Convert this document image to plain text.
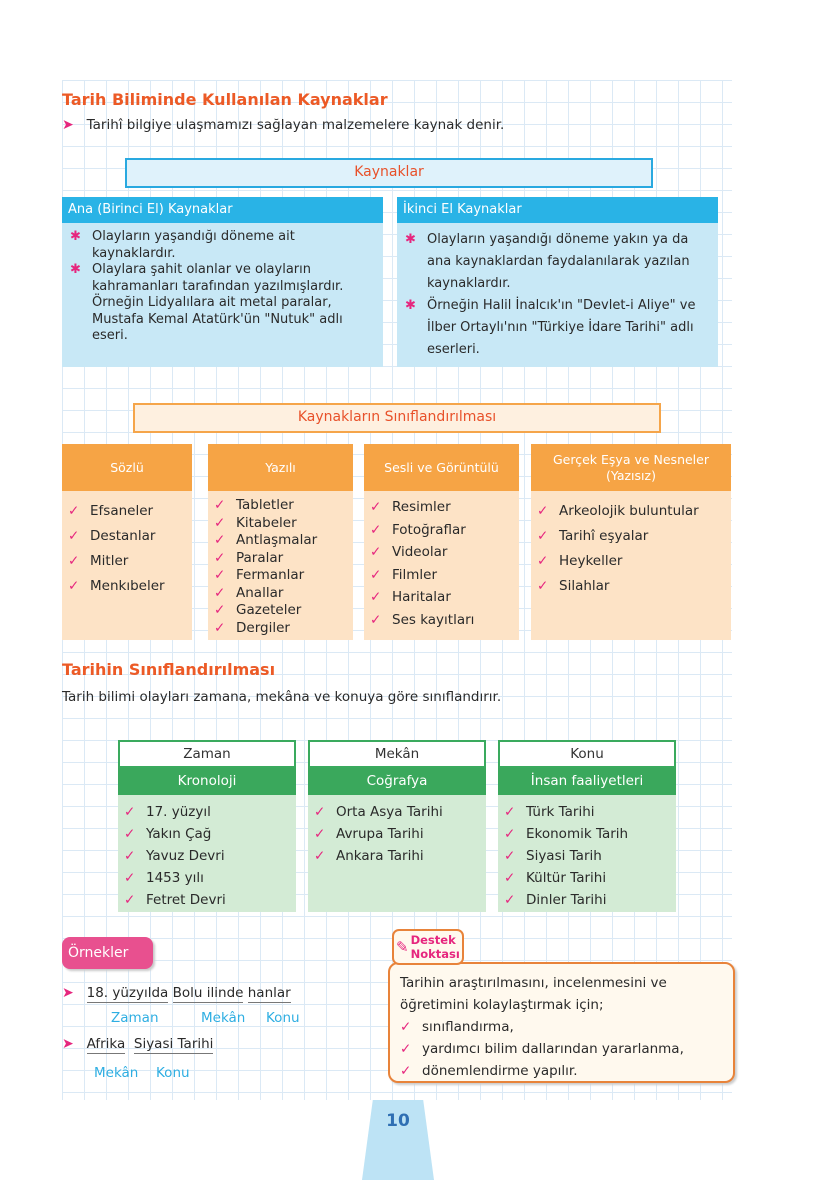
Tarih Biliminde Kullanılan Kaynaklar
➤ Tarihî bilgiye ulaşmamızı sağlayan malzemelere kaynak denir.
Kaynaklar
Ana (Birinci El) Kaynaklar
✱ Olayların yaşandığı döneme ait kaynaklardır.
✱ Olaylara şahit olanlar ve olayların kahramanları tarafından yazılmışlardır. Örneğin Lidyalılara ait metal paralar, Mustafa Kemal Atatürk'ün "Nutuk" adlı eseri.
İkinci El Kaynaklar
✱ Olayların yaşandığı döneme yakın ya da ana kaynaklardan faydalanılarak yazılan kaynaklardır.
✱ Örneğin Halil İnalcık'ın "Devlet-i Aliye" ve İlber Ortaylı'nın "Türkiye İdare Tarihi" adlı eserleri.
Kaynakların Sınıflandırılması
Sözlü
✓ Efsaneler
✓ Destanlar
✓ Mitler
✓ Menkıbeler
Yazılı
✓ Tabletler
✓ Kitabeler
✓ Antlaşmalar
✓ Paralar
✓ Fermanlar
✓ Anallar
✓ Gazeteler
✓ Dergiler
Sesli ve Görüntülü
✓ Resimler
✓ Fotoğraflar
✓ Videolar
✓ Filmler
✓ Haritalar
✓ Ses kayıtları
Gerçek Eşya ve Nesneler (Yazısız)
✓ Arkeolojik buluntular
✓ Tarihî eşyalar
✓ Heykeller
✓ Silahlar
Tarihin Sınıflandırılması
Tarih bilimi olayları zamana, mekâna ve konuya göre sınıflandırır.
Zaman
Kronoloji
✓ 17. yüzyıl
✓ Yakın Çağ
✓ Yavuz Devri
✓ 1453 yılı
✓ Fetret Devri
Mekân
Coğrafya
✓ Orta Asya Tarihi
✓ Avrupa Tarihi
✓ Ankara Tarihi
Konu
İnsan faaliyetleri
✓ Türk Tarihi
✓ Ekonomik Tarih
✓ Siyasi Tarih
✓ Kültür Tarihi
✓ Dinler Tarihi
Örnekler
➤ 18. yüzyılda Bolu ilinde hanlar
Zaman	Mekân Konu
➤ Afrika Siyasi Tarihi
Mekân Konu
Tarihin araştırılmasını, incelenmesini ve öğretimini kolaylaştırmak için;
✓ sınıflandırma,
✓ yardımcı bilim dallarından yararlanma,
✓ dönemlendirme yapılır.
✎ Destek
Noktası
10
